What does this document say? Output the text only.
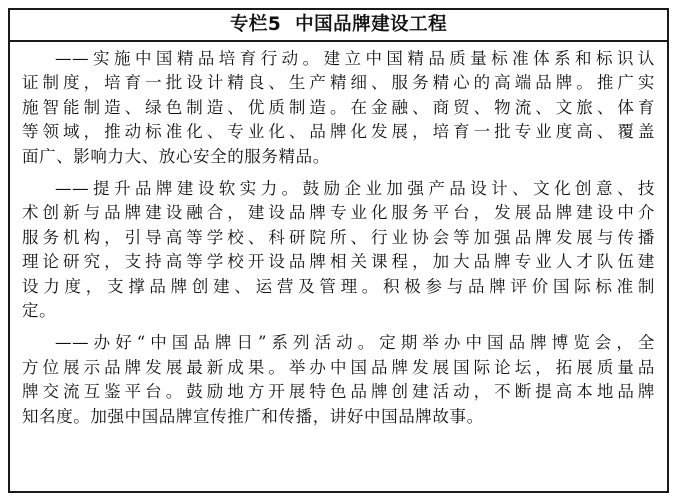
专栏5  中国品牌建设工程

——实施中国精品培育行动。建立中国精品质量标准体系和标识认
证制度，培育一批设计精良、生产精细、服务精心的高端品牌。推广实
施智能制造、绿色制造、优质制造。在金融、商贸、物流、文旅、体育
等领域，推动标准化、专业化、品牌化发展，培育一批专业度高、覆盖
面广、影响力大、放心安全的服务精品。

——提升品牌建设软实力。鼓励企业加强产品设计、文化创意、技
术创新与品牌建设融合，建设品牌专业化服务平台，发展品牌建设中介
服务机构，引导高等学校、科研院所、行业协会等加强品牌发展与传播
理论研究，支持高等学校开设品牌相关课程，加大品牌专业人才队伍建
设力度，支撑品牌创建、运营及管理。积极参与品牌评价国际标准制
定。

——办好“中国品牌日”系列活动。定期举办中国品牌博览会，全
方位展示品牌发展最新成果。举办中国品牌发展国际论坛，拓展质量品
牌交流互鉴平台。鼓励地方开展特色品牌创建活动，不断提高本地品牌
知名度。加强中国品牌宣传推广和传播，讲好中国品牌故事。
